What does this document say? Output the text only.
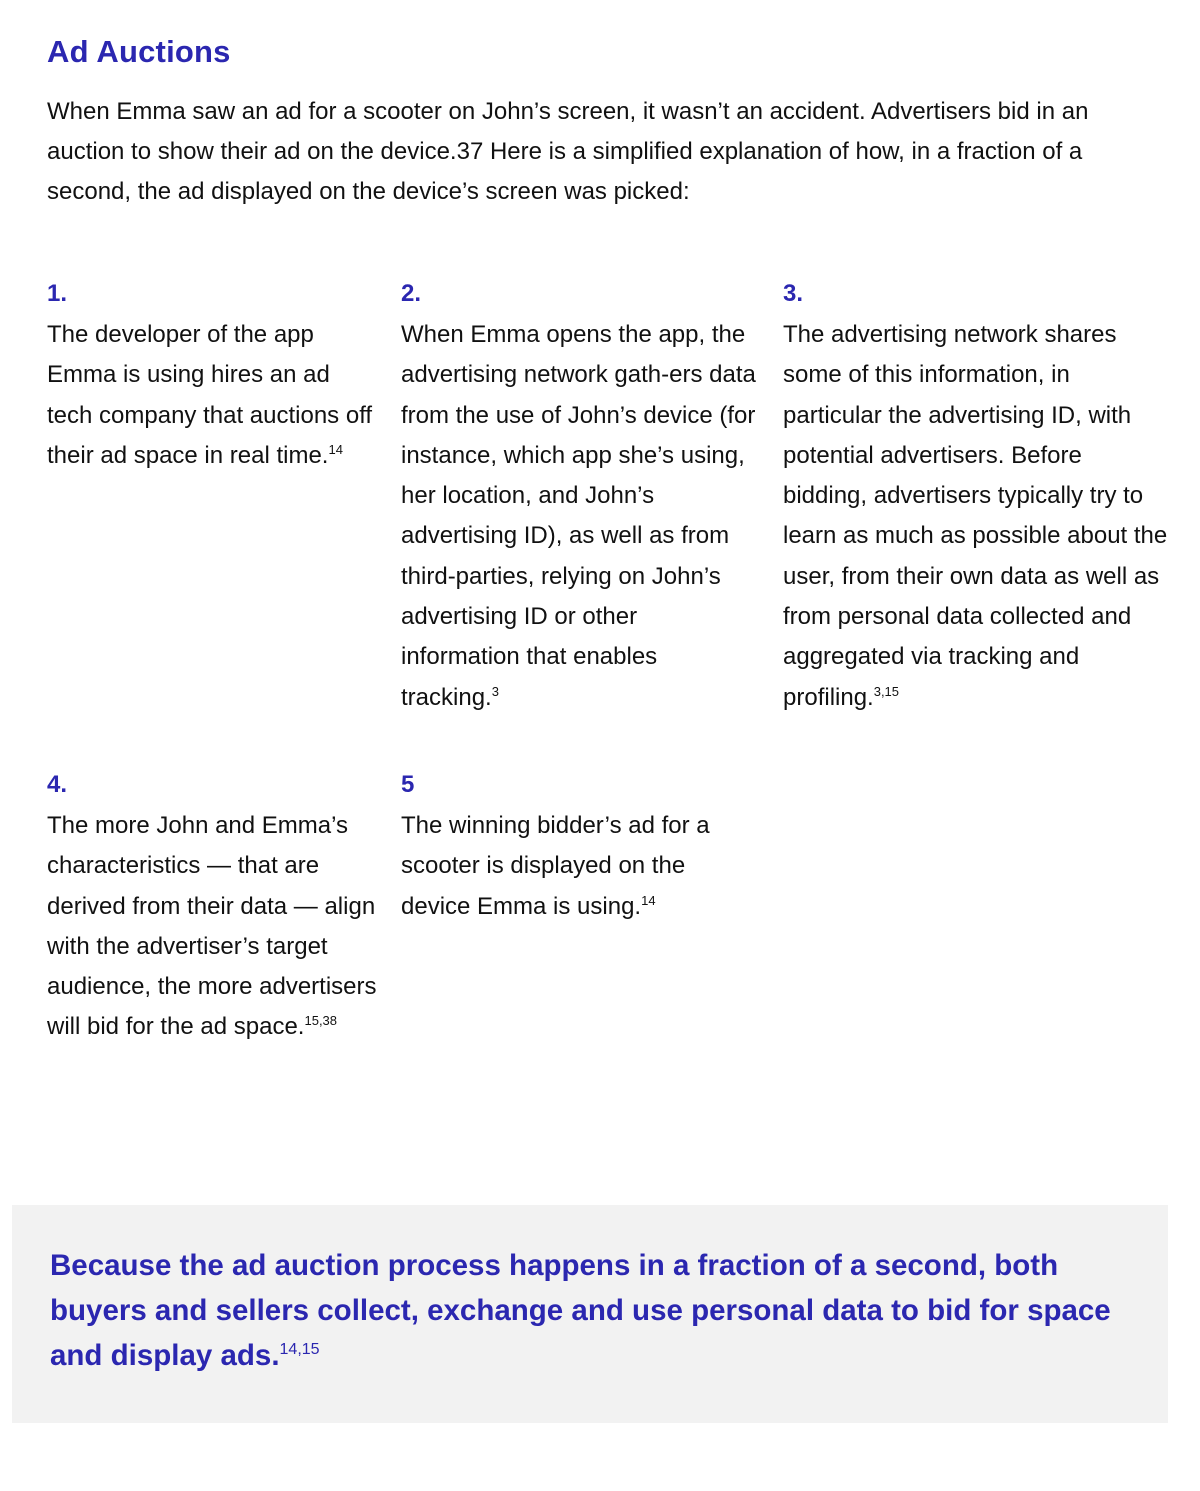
Ad Auctions

When Emma saw an ad for a scooter on John’s screen, it wasn’t an accident. Advertisers bid in an auction to show their ad on the device.37 Here is a simplified explanation of how, in a fraction of a second, the ad displayed on the device’s screen was picked:

1.
The developer of the app Emma is using hires an ad tech company that auctions off their ad space in real time.$^{14}$
2.
When Emma opens the app, the advertising network gath-ers data from the use of John’s device (for instance, which app she’s using, her location, and John’s advertising ID), as well as from third-parties, relying on John’s advertising ID or other information that enables tracking.$^3$
3.
The advertising network shares some of this information, in particular the advertising ID, with potential advertisers. Before bidding, advertisers typically try to learn as much as possible about the user, from their own data as well as from personal data collected and aggregated via tracking and profiling.$^{3,15}$
4.
The more John and Emma’s characteristics — that are derived from their data — align with the advertiser’s target audience, the more advertisers will bid for the ad space.$^{15,38}$
5
The winning bidder’s ad for a scooter is displayed on the device Emma is using.$^{14}$

Because the ad auction process happens in a fraction of a second, both buyers and sellers collect, exchange and use personal data to bid for space and display ads.$^{14,15}$
